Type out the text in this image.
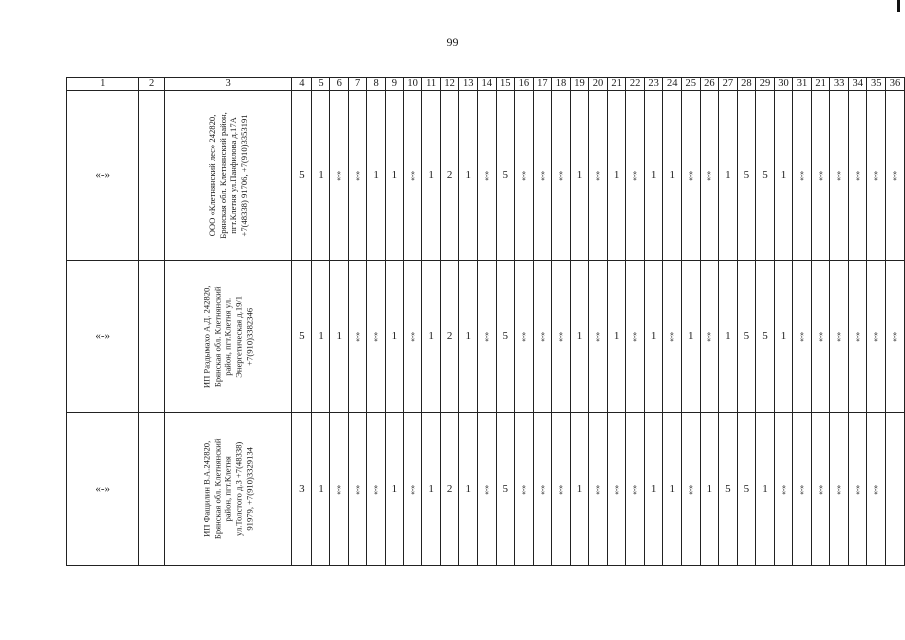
99
1	2	3	4	5	6	7	8	9	10	11	12	13	14	15	16	17	18	19	20	21	22	23	24	25	26	27	28	29	30	31	21	33	34	35	36
«-»		ООО «Клетнянский лес» 242820, Брянская обл. Клетнянский район, пгт.Клетня ул.Панфилова д.17А +7(48338) 91706, +7(910)3353191	5	1	«-»	«-»	1	1	«-»	1	2	1	«-»	5	«-»	«-»	«-»	1	«-»	1	«-»	1	1	«-»	«-»	1	5	5	1	«-»	«-»	«-»	«-»	«-»	«-»
«-»		ИП Раздымахо А.Д. 242820, Брянская обл. Клетнянский район, пгт.Клетня ул. Энергетическая д.19/1 +7(910)3382346	5	1	1	«-»	«-»	1	«-»	1	2	1	«-»	5	«-»	«-»	«-»	1	«-»	1	«-»	1	«-»	1	«-»	1	5	5	1	«-»	«-»	«-»	«-»	«-»	«-»
«-»		ИП Фащилин В.А.242820, Брянская обл. Клетнянский район, пгт.Клетня ул.Толстого д.3 +7(48338) 91979, +7(910)3329134	3	1	«-»	«-»	«-»	1	«-»	1	2	1	«-»	5	«-»	«-»	«-»	1	«-»	«-»	«-»	1	1	«-»	1	5	5	1	«-»	«-»	«-»	«-»	«-»	«-»	
